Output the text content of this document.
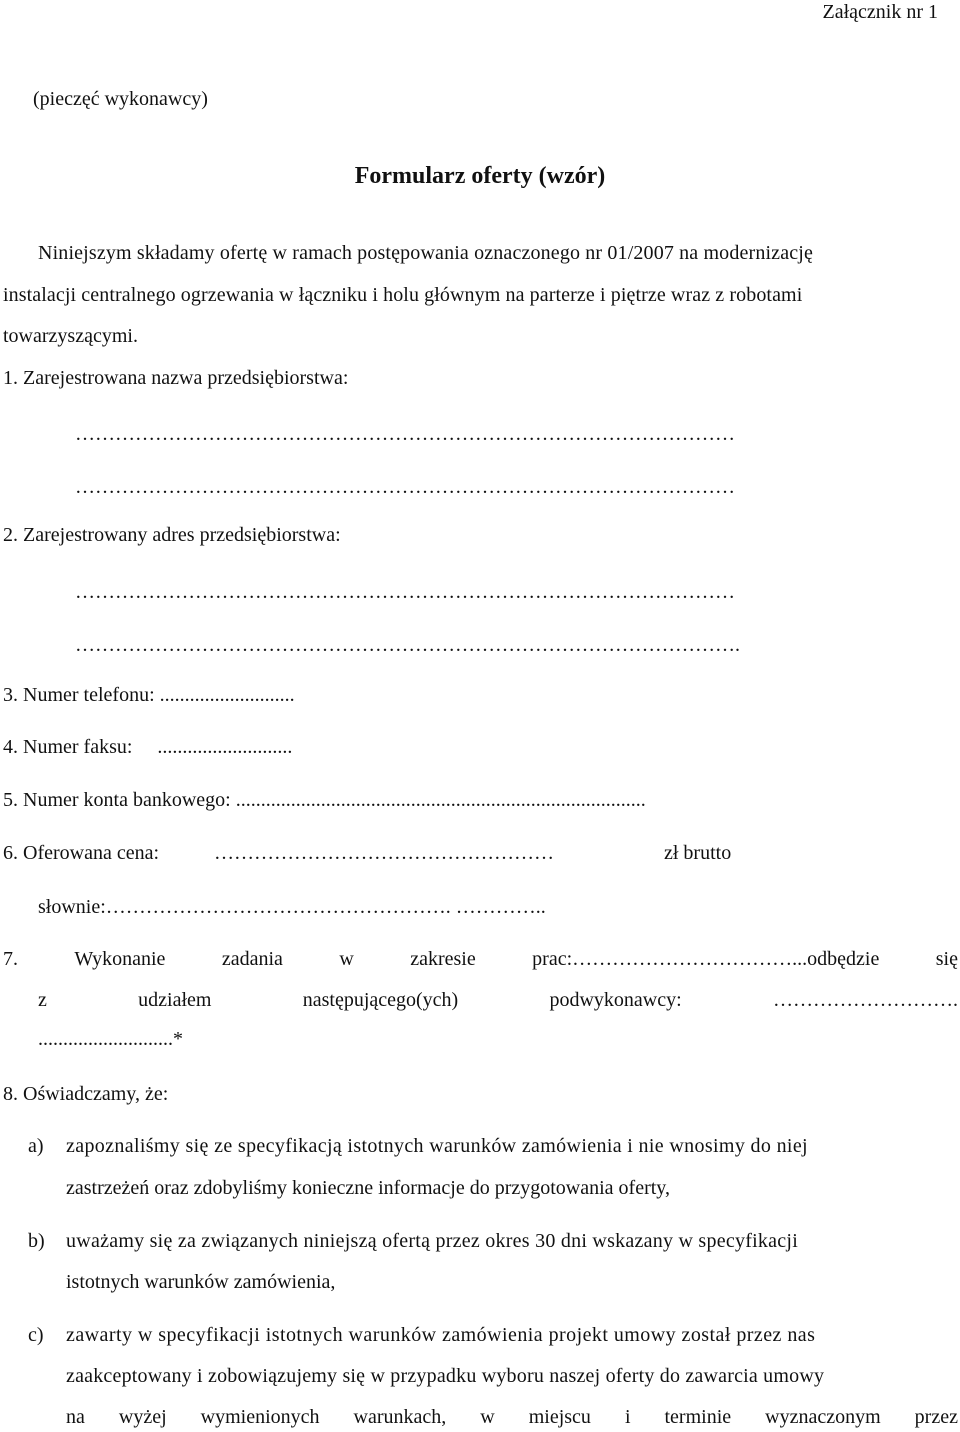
Załącznik nr 1
(pieczęć wykonawcy)
Formularz oferty (wzór)
Niniejszym składamy ofertę w ramach postępowania oznaczonego nr 01/2007 na modernizację
instalacji centralnego ogrzewania w łączniku i holu głównym na parterze i piętrze wraz z robotami
towarzyszącymi.
1. Zarejestrowana nazwa przedsiębiorstwa:
………………………………………………………………………………………
………………………………………………………………………………………
2. Zarejestrowany adres przedsiębiorstwa:
………………………………………………………………………………………
……………………………………………………………………………………….
3. Numer telefonu: ...........................
4. Numer faksu:     ...........................
5. Numer konta bankowego: ..................................................................................
6. Oferowana cena:	……………………………………………	zł brutto
słownie:……………………………………………. …………..
7.	Wykonanie	zadania	w	zakresie	prac:……………………………...odbędzie	się
z	udziałem	następującego(ych)	podwykonawcy:	……………………….
...........................*
8. Oświadczamy, że:
a) zapoznaliśmy się ze specyfikacją istotnych warunków zamówienia i nie wnosimy do niej
zastrzeżeń oraz zdobyliśmy konieczne informacje do przygotowania oferty,
b) uważamy się za związanych niniejszą ofertą przez okres 30 dni wskazany w specyfikacji
istotnych warunków zamówienia,
c) zawarty w specyfikacji istotnych warunków zamówienia projekt umowy został przez nas
zaakceptowany i zobowiązujemy się w przypadku wyboru naszej oferty do zawarcia umowy
na wyżej wymienionych warunkach, w miejscu i terminie wyznaczonym przez
